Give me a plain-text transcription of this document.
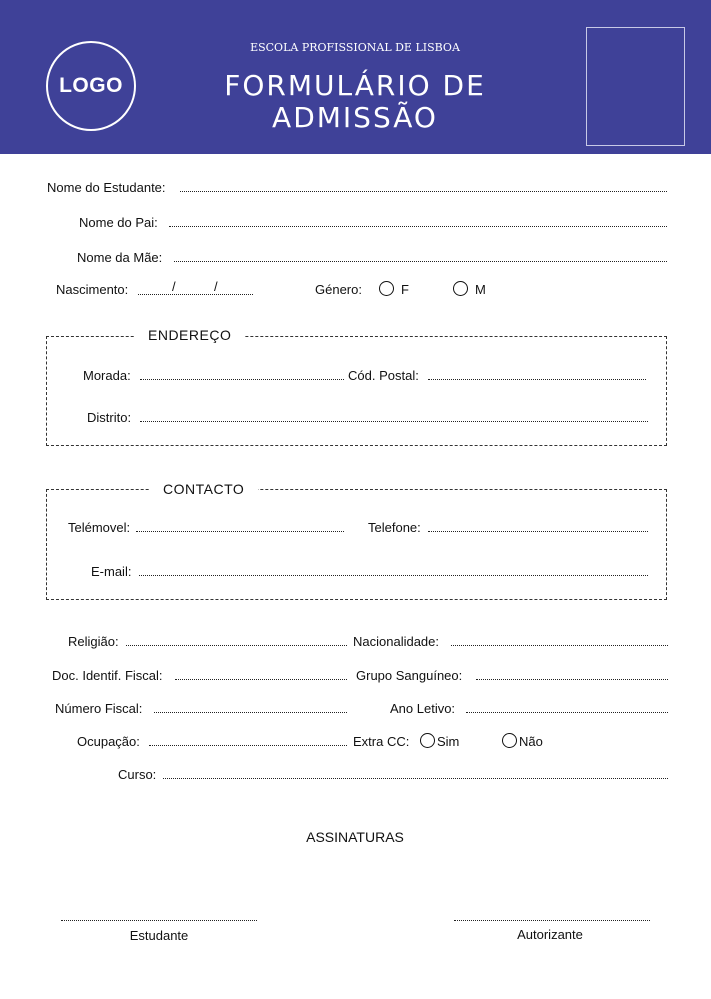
LOGO
ESCOLA PROFISSIONAL DE LISBOA
FORMULÁRIO DE
ADMISSÃO
Nome do Estudante:
Nome do Pai:
Nome da Mãe:
Nascimento:	/	/	Género:	F	M
ENDEREÇO
Morada:	Cód. Postal:
Distrito:
CONTACTO
Telémovel:	Telefone:
E-mail:
Religião:	Nacionalidade:
Doc. Identif. Fiscal:	Grupo Sanguíneo:
Número Fiscal:	Ano Letivo:
Ocupação:	Extra CC: Sim	Não
Curso:
ASSINATURAS
Estudante	Autorizante
